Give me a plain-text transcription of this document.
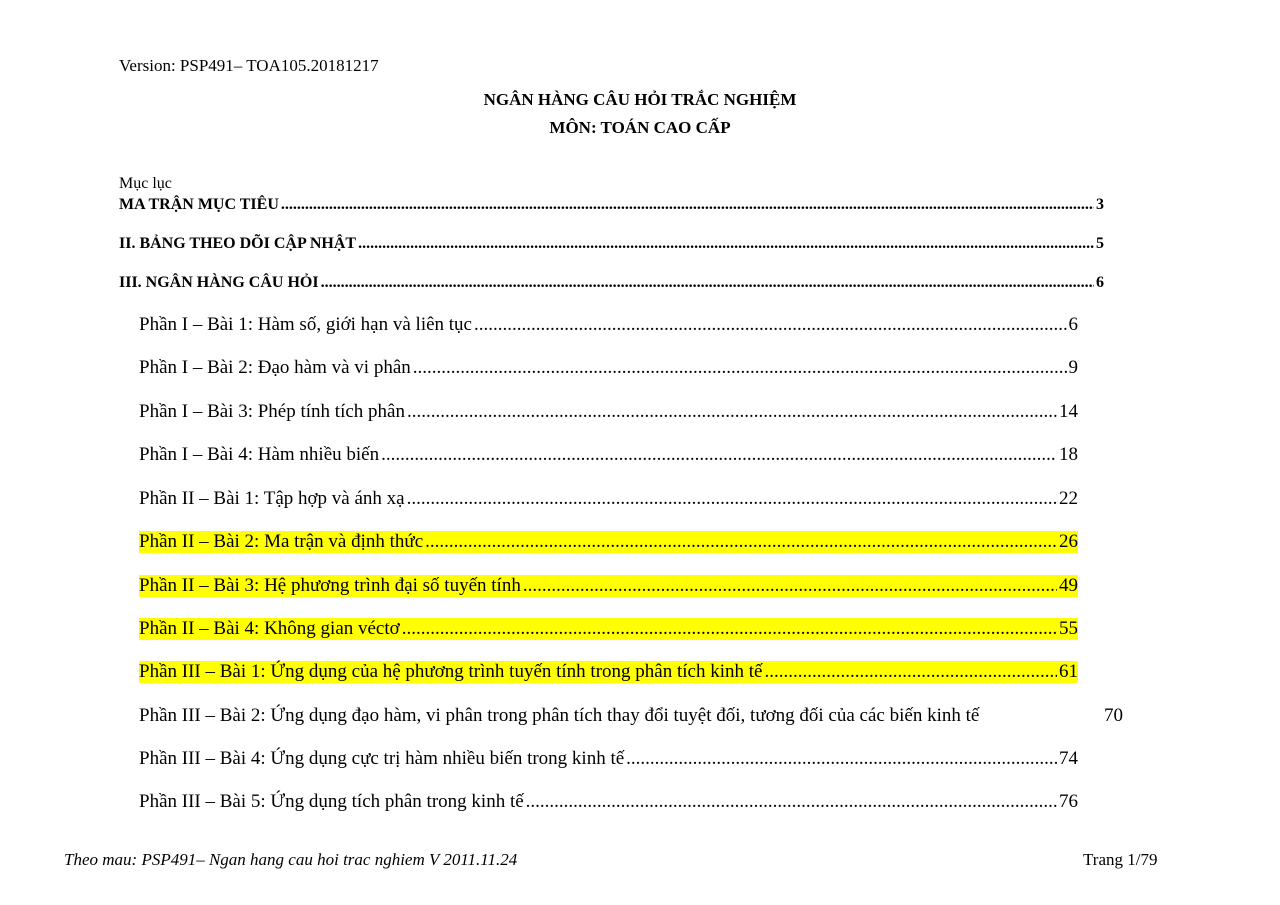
Version: PSP491– TOA105.20181217
NGÂN HÀNG CÂU HỎI TRẮC NGHIỆM
MÔN: TOÁN CAO CẤP
Mục lục
MA TRẬN MỤC TIÊU .....	3
II. BẢNG THEO DÕI CẬP NHẬT .....	5
III. NGÂN HÀNG CÂU HỎI .....	6
Phần I – Bài 1: Hàm số, giới hạn và liên tục .....	6
Phần I – Bài 2: Đạo hàm và vi phân .....	9
Phần I – Bài 3: Phép tính tích phân .....	14
Phần I – Bài 4: Hàm nhiều biến .....	18
Phần II – Bài 1: Tập hợp và ánh xạ .....	22
Phần II – Bài 2: Ma trận và định thức .....	26
Phần II – Bài 3: Hệ phương trình đại số tuyến tính .....	49
Phần II – Bài 4: Không gian véctơ .....	55
Phần III – Bài 1: Ứng dụng của hệ phương trình tuyến tính trong phân tích kinh tế .....	61
Phần III – Bài 2: Ứng dụng đạo hàm, vi phân trong phân tích thay đổi tuyệt đối, tương đối của các biến kinh tế	70
Phần III – Bài 4: Ứng dụng cực trị hàm nhiều biến trong kinh tế .....	74
Phần III – Bài 5: Ứng dụng tích phân trong kinh tế .....	76
Theo mau: PSP491– Ngan hang cau hoi trac nghiem V 2011.11.24	Trang 1/79
